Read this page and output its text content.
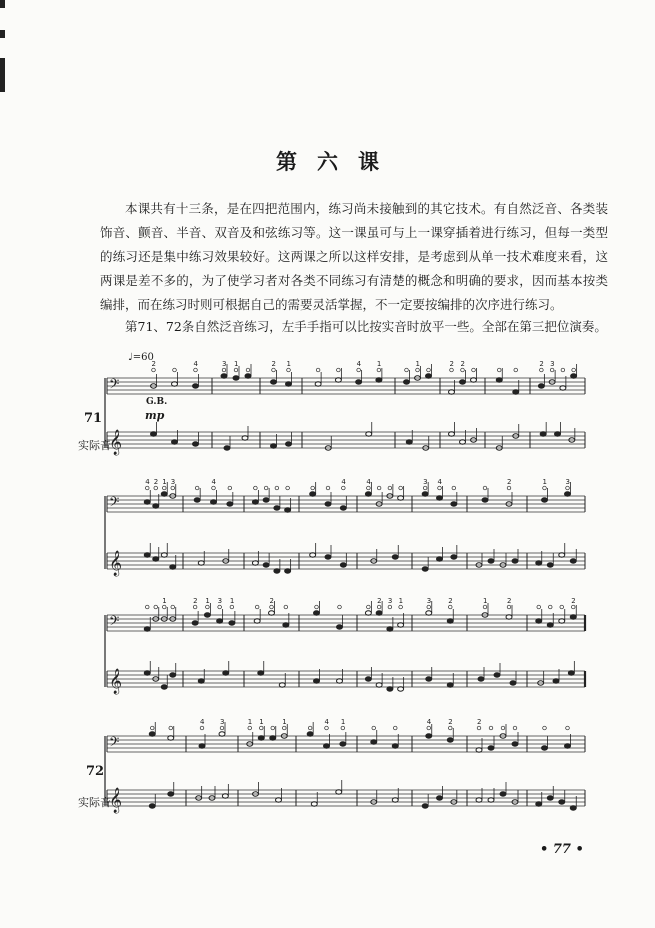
第六课

本课共有十三条，是在四把范围内，练习尚未接触到的其它技术。有自然泛音、各类装饰音、颤音、半音、双音及和弦练习等。这一课虽可与上一课穿插着进行练习，但每一类型的练习还是集中练习效果较好。这两课之所以这样安排，是考虑到从单一技术难度来看，这两课是差不多的，为了使学习者对各类不同练习有清楚的概念和明确的要求，因而基本按类编排，而在练习时则可根据自己的需要灵活掌握，不一定要按编排的次序进行练习。

第71、72条自然泛音练习，左手手指可以比按实音时放平一些。全部在第三把位演奏。

𝄢
2	4	3 1	2 1	4 1	1	2 2	2 3
𝄞
𝄢
4 2 1 3	4	4	4	3 4	2	1	3
𝄞
𝄢
1	2 1 3 1	2	2 3 1	3 2	1	2	2
𝄞
𝄢
4 3	1 1	1	4 1	4 2	2
𝄞
♩=60
G.B.
mp
71
实际音
72
实际音
• 77 •
